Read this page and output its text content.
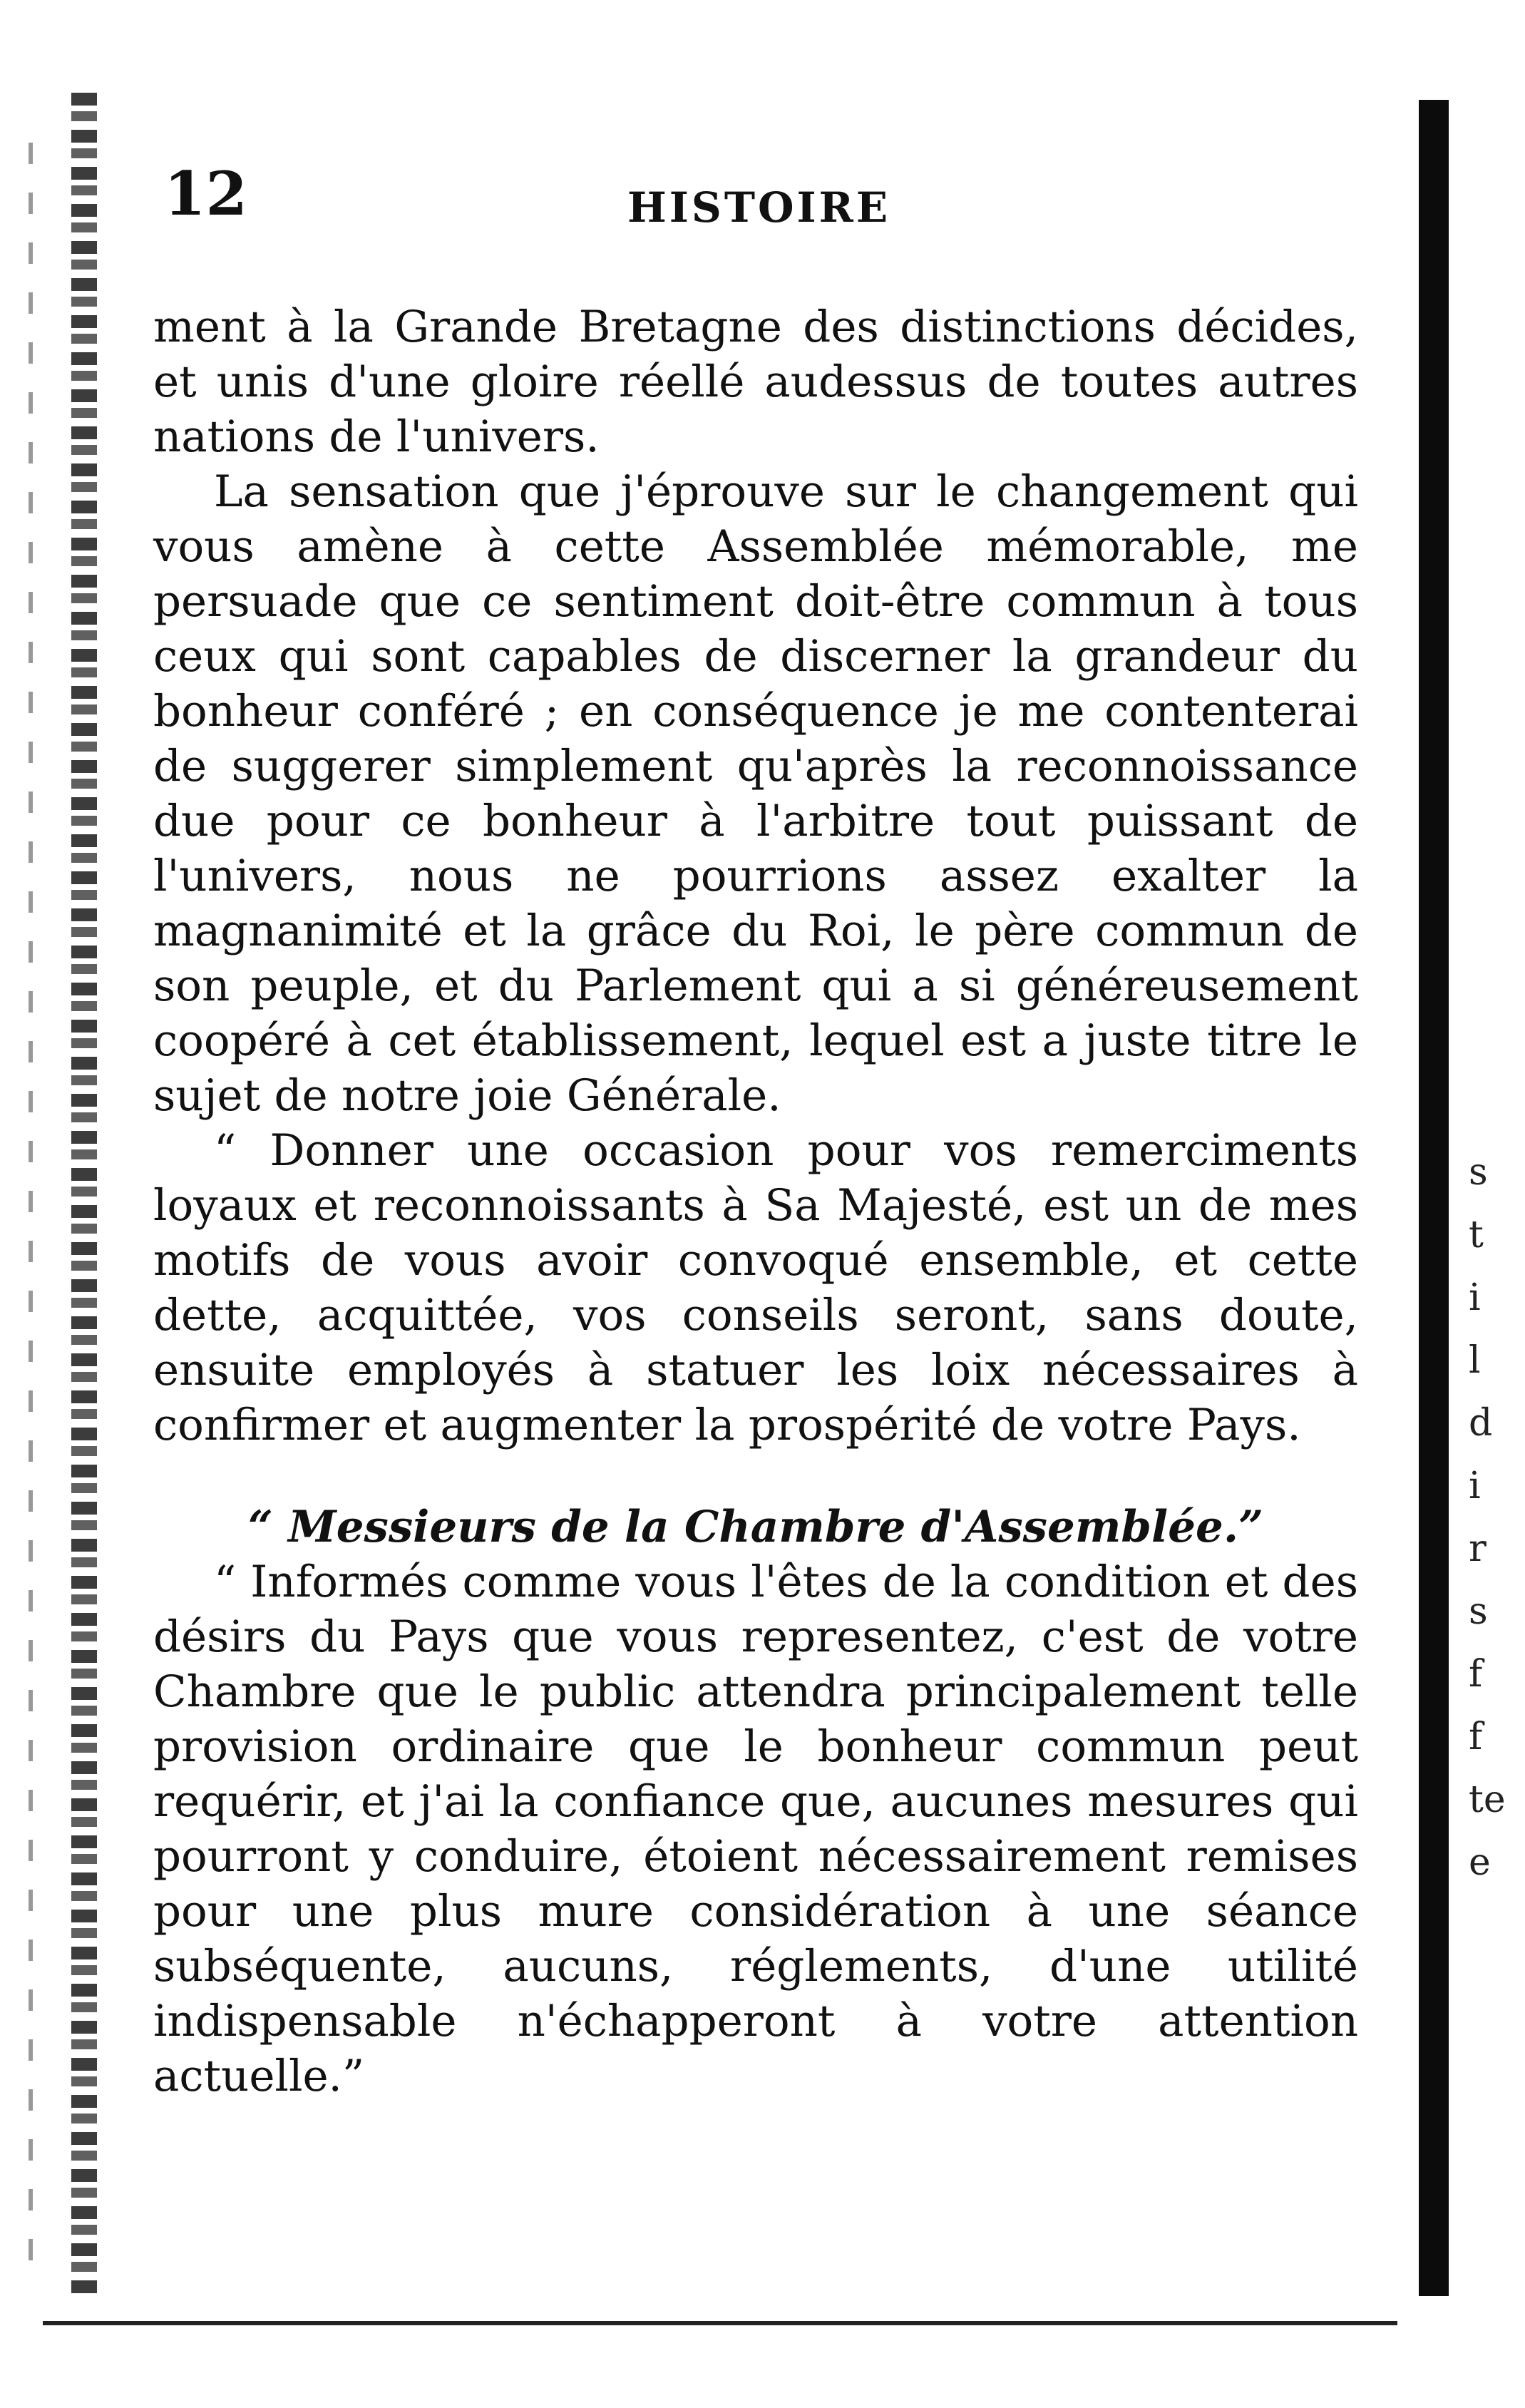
12	HISTOIRE

ment à la Grande Bretagne des distinctions décides, et unis d'une gloire réellé audessus de toutes autres nations de l'univers.

La sensation que j'éprouve sur le changement qui vous amène à cette Assemblée mémorable, me persuade que ce sentiment doit-être commun à tous ceux qui sont capables de discerner la grandeur du bonheur conféré ; en conséquence je me contenterai de suggerer simplement qu'après la reconnoissance due pour ce bonheur à l'arbitre tout puissant de l'univers, nous ne pourrions assez exalter la magnanimité et la grâce du Roi, le père commun de son peuple, et du Parlement qui a si généreusement coopéré à cet établissement, lequel est a juste titre le sujet de notre joie Générale.

“ Donner une occasion pour vos remerciments loyaux et reconnoissants à Sa Majesté, est un de mes motifs de vous avoir convoqué ensemble, et cette dette, acquittée, vos conseils seront, sans doute, ensuite employés à statuer les loix nécessaires à confirmer et augmenter la prospérité de votre Pays.

“ Messieurs de la Chambre d'Assemblée.”

“ Informés comme vous l'êtes de la condition et des désirs du Pays que vous representez, c'est de votre Chambre que le public attendra principalement telle provision ordinaire que le bonheur commun peut requérir, et j'ai la confiance que, aucunes mesures qui pourront y conduire, étoient nécessairement remises pour une plus mure considération à une séance subséquente, aucuns, réglements, d'une utilité indispensable n'échapperont à votre attention actuelle.”

s
t
i
l
d
i
r
s
f
f
te
e
